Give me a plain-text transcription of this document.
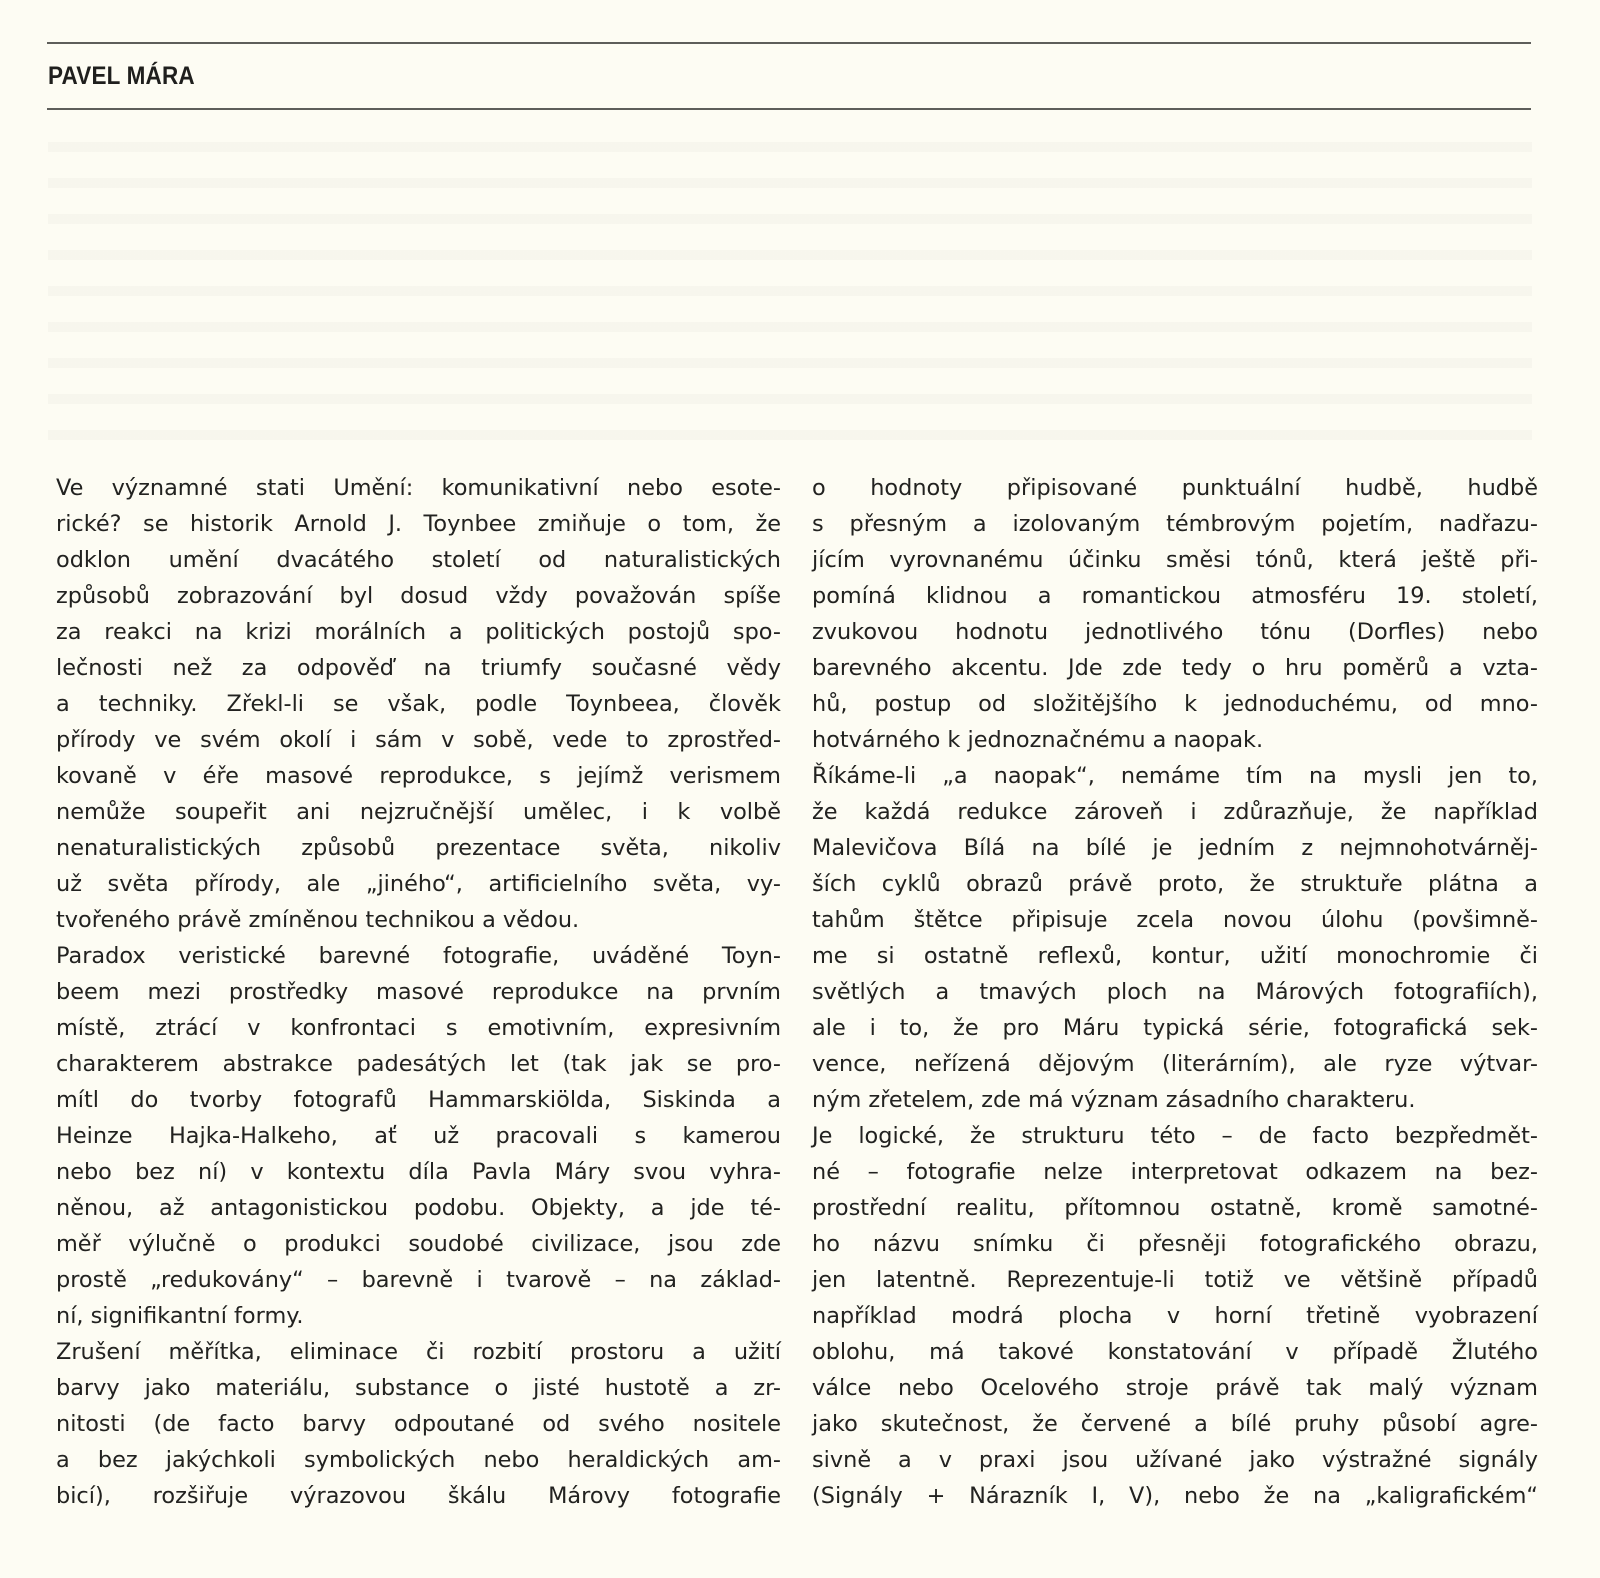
PAVEL MÁRA

Ve významné stati Umění: komunikativní nebo esote-
rické? se historik Arnold J. Toynbee zmiňuje o tom, že
odklon umění dvacátého století od naturalistických
způsobů zobrazování byl dosud vždy považován spíše
za reakci na krizi morálních a politických postojů spo-
lečnosti než za odpověď na triumfy současné vědy
a techniky. Zřekl-li se však, podle Toynbeea, člověk
přírody ve svém okolí i sám v sobě, vede to zprostřed-
kovaně v éře masové reprodukce, s jejímž verismem
nemůže soupeřit ani nejzručnější umělec, i k volbě
nenaturalistických způsobů prezentace světa, nikoliv
už světa přírody, ale „jiného“, artificielního světa, vy-
tvořeného právě zmíněnou technikou a vědou.

Paradox veristické barevné fotografie, uváděné Toyn-
beem mezi prostředky masové reprodukce na prvním
místě, ztrácí v konfrontaci s emotivním, expresivním
charakterem abstrakce padesátých let (tak jak se pro-
mítl do tvorby fotografů Hammarskiölda, Siskinda a
Heinze Hajka-Halkeho, ať už pracovali s kamerou
nebo bez ní) v kontextu díla Pavla Máry svou vyhra-
něnou, až antagonistickou podobu. Objekty, a jde té-
měř výlučně o produkci soudobé civilizace, jsou zde
prostě „redukovány“ – barevně i tvarově – na základ-
ní, signifikantní formy.

Zrušení měřítka, eliminace či rozbití prostoru a užití
barvy jako materiálu, substance o jisté hustotě a zr-
nitosti (de facto barvy odpoutané od svého nositele
a bez jakýchkoli symbolických nebo heraldických am-
bicí), rozšiřuje výrazovou škálu Márovy fotografie

o hodnoty připisované punktuální hudbě, hudbě
s přesným a izolovaným témbrovým pojetím, nadřazu-
jícím vyrovnanému účinku směsi tónů, která ještě při-
pomíná klidnou a romantickou atmosféru 19. století,
zvukovou hodnotu jednotlivého tónu (Dorfles) nebo
barevného akcentu. Jde zde tedy o hru poměrů a vzta-
hů, postup od složitějšího k jednoduchému, od mno-
hotvárného k jednoznačnému a naopak.

Říkáme-li „a naopak“, nemáme tím na mysli jen to,
že každá redukce zároveň i zdůrazňuje, že například
Malevičova Bílá na bílé je jedním z nejmnohotvárněj-
ších cyklů obrazů právě proto, že struktuře plátna a
tahům štětce připisuje zcela novou úlohu (povšimně-
me si ostatně reflexů, kontur, užití monochromie či
světlých a tmavých ploch na Márových fotografiích),
ale i to, že pro Máru typická série, fotografická sek-
vence, neřízená dějovým (literárním), ale ryze výtvar-
ným zřetelem, zde má význam zásadního charakteru.

Je logické, že strukturu této – de facto bezpředmět-
né – fotografie nelze interpretovat odkazem na bez-
prostřední realitu, přítomnou ostatně, kromě samotné-
ho názvu snímku či přesněji fotografického obrazu,
jen latentně. Reprezentuje-li totiž ve většině případů
například modrá plocha v horní třetině vyobrazení
oblohu, má takové konstatování v případě Žlutého
válce nebo Ocelového stroje právě tak malý význam
jako skutečnost, že červené a bílé pruhy působí agre-
sivně a v praxi jsou užívané jako výstražné signály
(Signály + Nárazník I, V), nebo že na „kaligrafickém“
